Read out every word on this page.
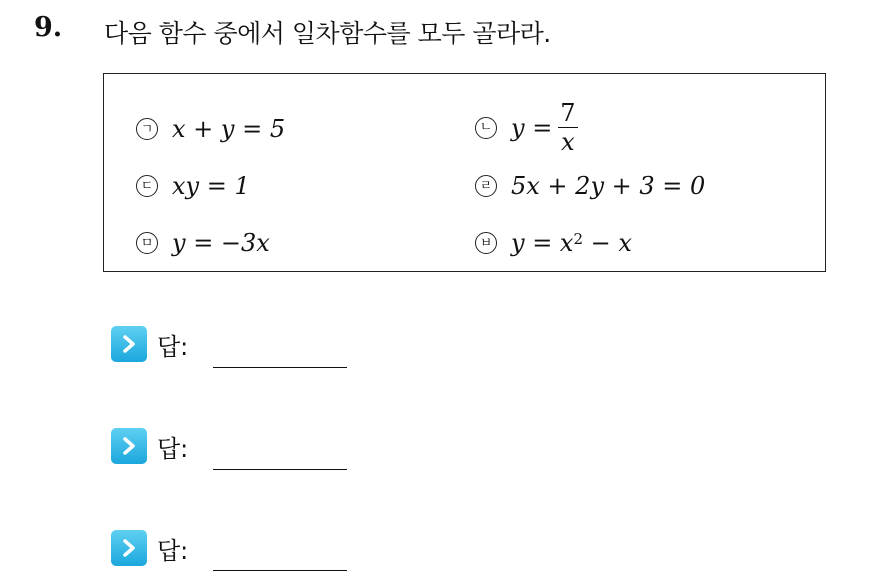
9. 다음 함수 중에서 일차함수를 모두 골라라.
ㄱ x + y = 5	ㄴ $y = \frac{7}{x}$
ㄷ xy = 1	ㄹ 5x + 2y + 3 = 0
ㅁ y = −3x	ㅂ $y = x^2 - x$
답:
답:
답:
